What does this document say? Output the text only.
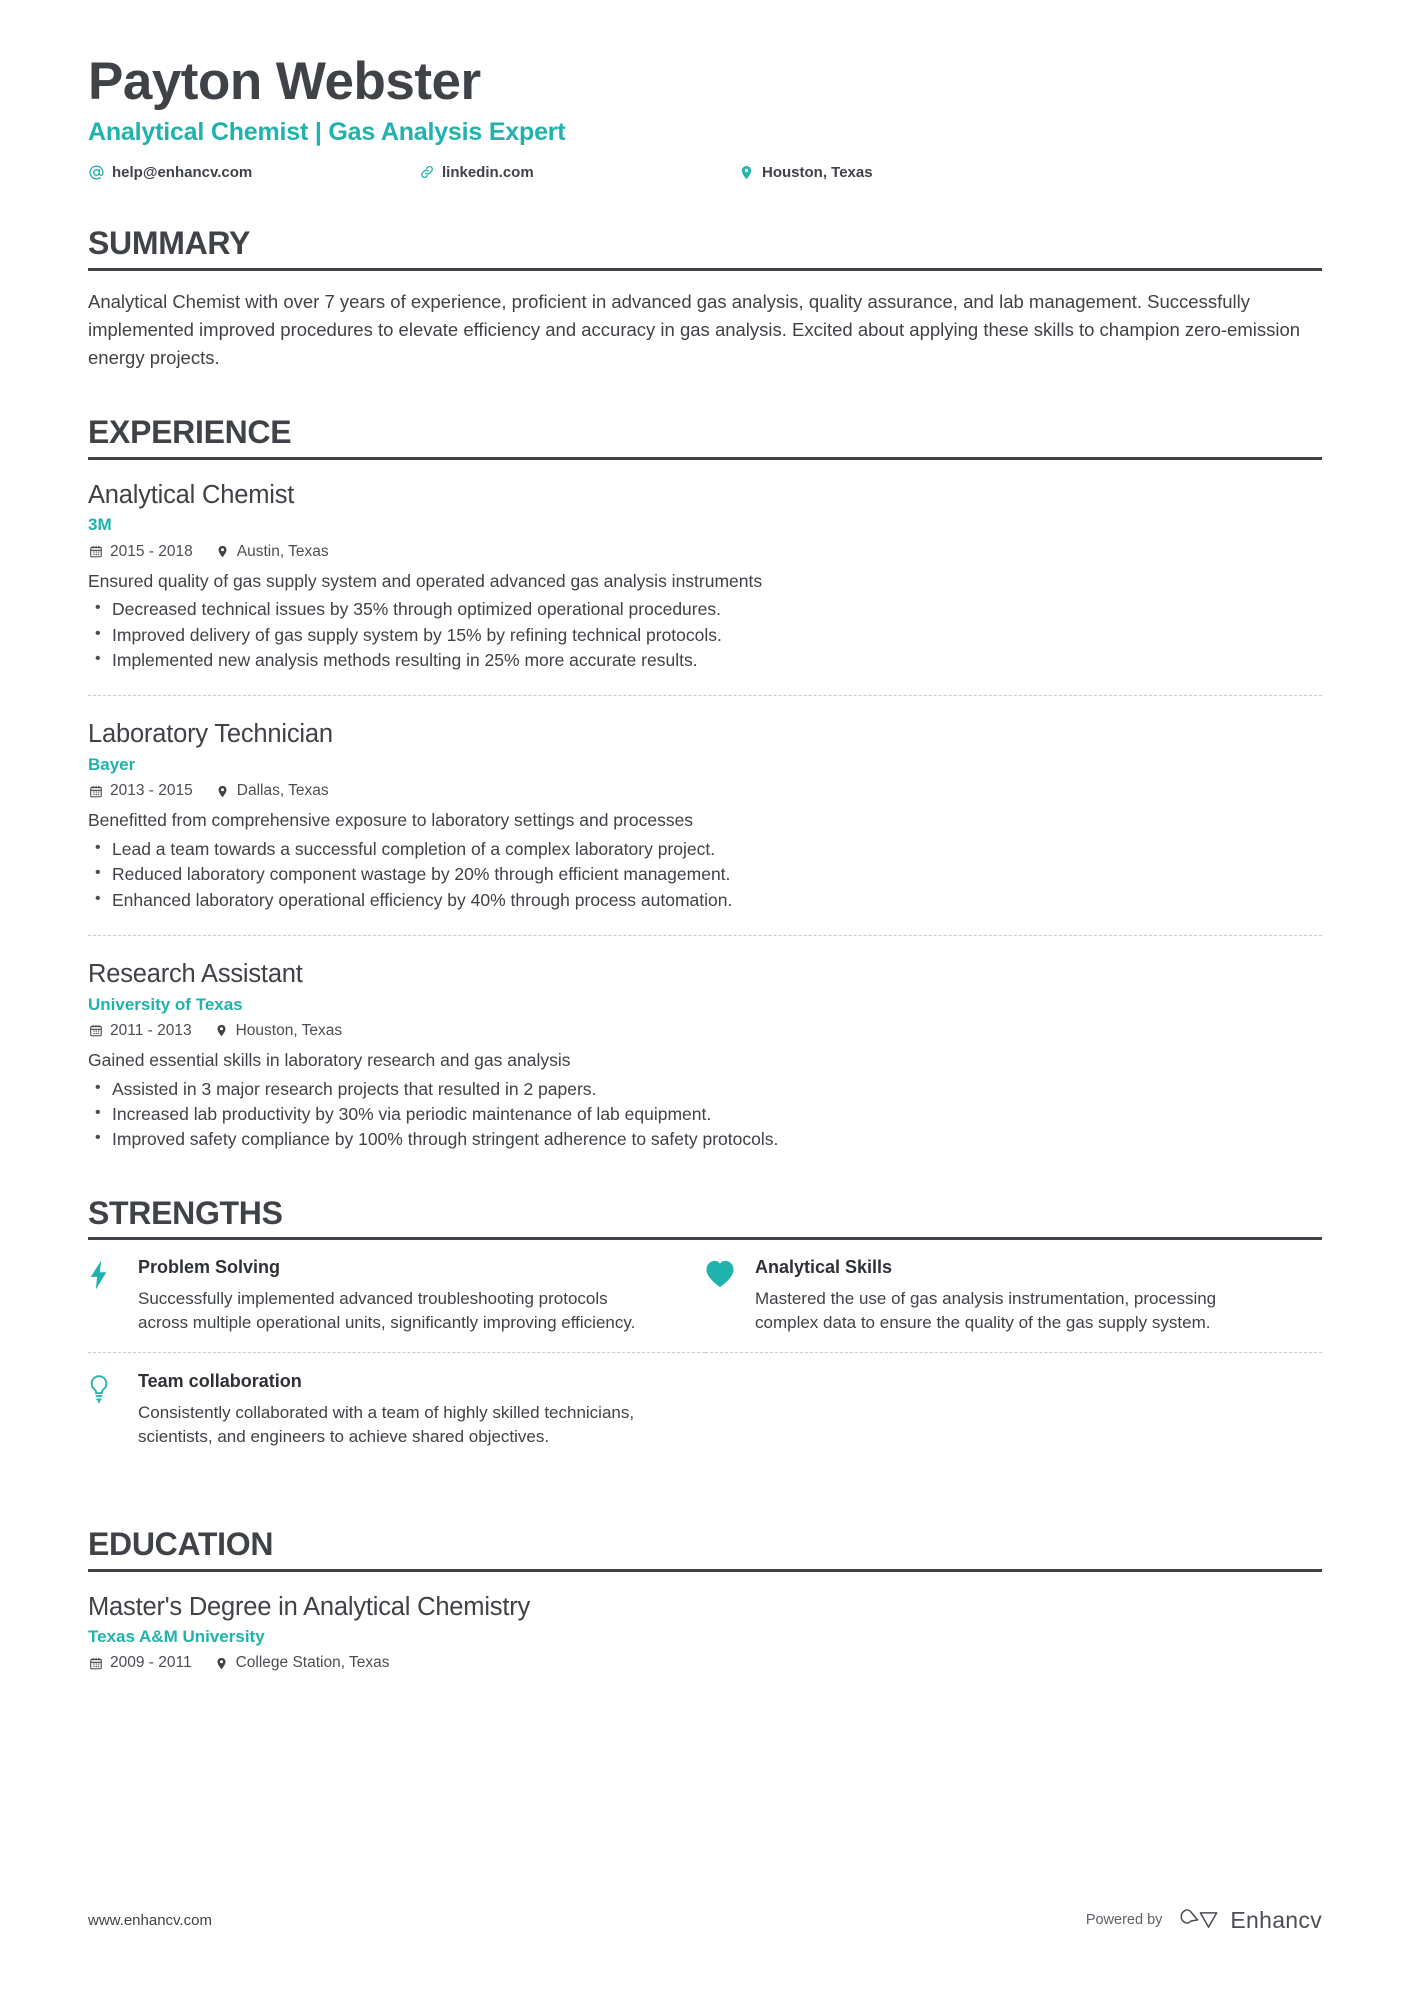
Payton Webster
Analytical Chemist | Gas Analysis Expert
help@enhancv.com	linkedin.com	Houston, Texas
SUMMARY
Analytical Chemist with over 7 years of experience, proficient in advanced gas analysis, quality assurance, and lab management. Successfully implemented improved procedures to elevate efficiency and accuracy in gas analysis. Excited about applying these skills to champion zero-emission energy projects.
EXPERIENCE
Analytical Chemist
3M
2015 - 2018	Austin, Texas
Ensured quality of gas supply system and operated advanced gas analysis instruments
• Decreased technical issues by 35% through optimized operational procedures.
• Improved delivery of gas supply system by 15% by refining technical protocols.
• Implemented new analysis methods resulting in 25% more accurate results.
Laboratory Technician
Bayer
2013 - 2015	Dallas, Texas
Benefitted from comprehensive exposure to laboratory settings and processes
• Lead a team towards a successful completion of a complex laboratory project.
• Reduced laboratory component wastage by 20% through efficient management.
• Enhanced laboratory operational efficiency by 40% through process automation.
Research Assistant
University of Texas
2011 - 2013	Houston, Texas
Gained essential skills in laboratory research and gas analysis
• Assisted in 3 major research projects that resulted in 2 papers.
• Increased lab productivity by 30% via periodic maintenance of lab equipment.
• Improved safety compliance by 100% through stringent adherence to safety protocols.
STRENGTHS
Problem Solving
Successfully implemented advanced troubleshooting protocols across multiple operational units, significantly improving efficiency.
Analytical Skills
Mastered the use of gas analysis instrumentation, processing complex data to ensure the quality of the gas supply system.
Team collaboration
Consistently collaborated with a team of highly skilled technicians, scientists, and engineers to achieve shared objectives.
EDUCATION
Master's Degree in Analytical Chemistry
Texas A&M University
2009 - 2011	College Station, Texas
www.enhancv.com	Powered by	Enhancv
